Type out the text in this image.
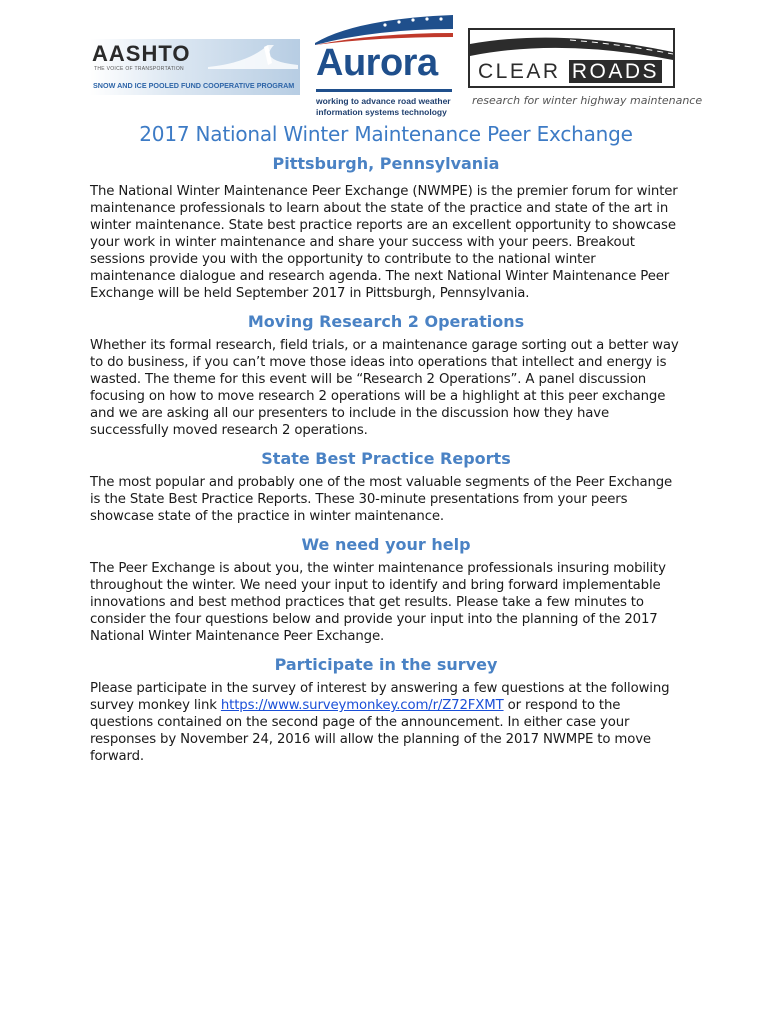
AASHTO
THE VOICE OF TRANSPORTATION
SNOW AND ICE POOLED FUND COOPERATIVE PROGRAM
Aurora
working to advance road weather
information systems technology
CLEAR ROADS
research for winter highway maintenance
2017 National Winter Maintenance Peer Exchange
Pittsburgh, Pennsylvania

The National Winter Maintenance Peer Exchange (NWMPE) is the premier forum for winter maintenance professionals to learn about the state of the practice and state of the art in winter maintenance. State best practice reports are an excellent opportunity to showcase your work in winter maintenance and share your success with your peers. Breakout sessions provide you with the opportunity to contribute to the national winter maintenance dialogue and research agenda. The next National Winter Maintenance Peer Exchange will be held September 2017 in Pittsburgh, Pennsylvania.

Moving Research 2 Operations

Whether its formal research, field trials, or a maintenance garage sorting out a better way to do business, if you can’t move those ideas into operations that intellect and energy is wasted. The theme for this event will be “Research 2 Operations”. A panel discussion focusing on how to move research 2 operations will be a highlight at this peer exchange and we are asking all our presenters to include in the discussion how they have successfully moved research 2 operations.

State Best Practice Reports

The most popular and probably one of the most valuable segments of the Peer Exchange is the State Best Practice Reports. These 30-minute presentations from your peers showcase state of the practice in winter maintenance.

We need your help

The Peer Exchange is about you, the winter maintenance professionals insuring mobility throughout the winter. We need your input to identify and bring forward implementable innovations and best method practices that get results. Please take a few minutes to consider the four questions below and provide your input into the planning of the 2017 National Winter Maintenance Peer Exchange.

Participate in the survey

Please participate in the survey of interest by answering a few questions at the following survey monkey link https://www.surveymonkey.com/r/Z72FXMT or respond to the questions contained on the second page of the announcement. In either case your responses by November 24, 2016 will allow the planning of the 2017 NWMPE to move forward.
